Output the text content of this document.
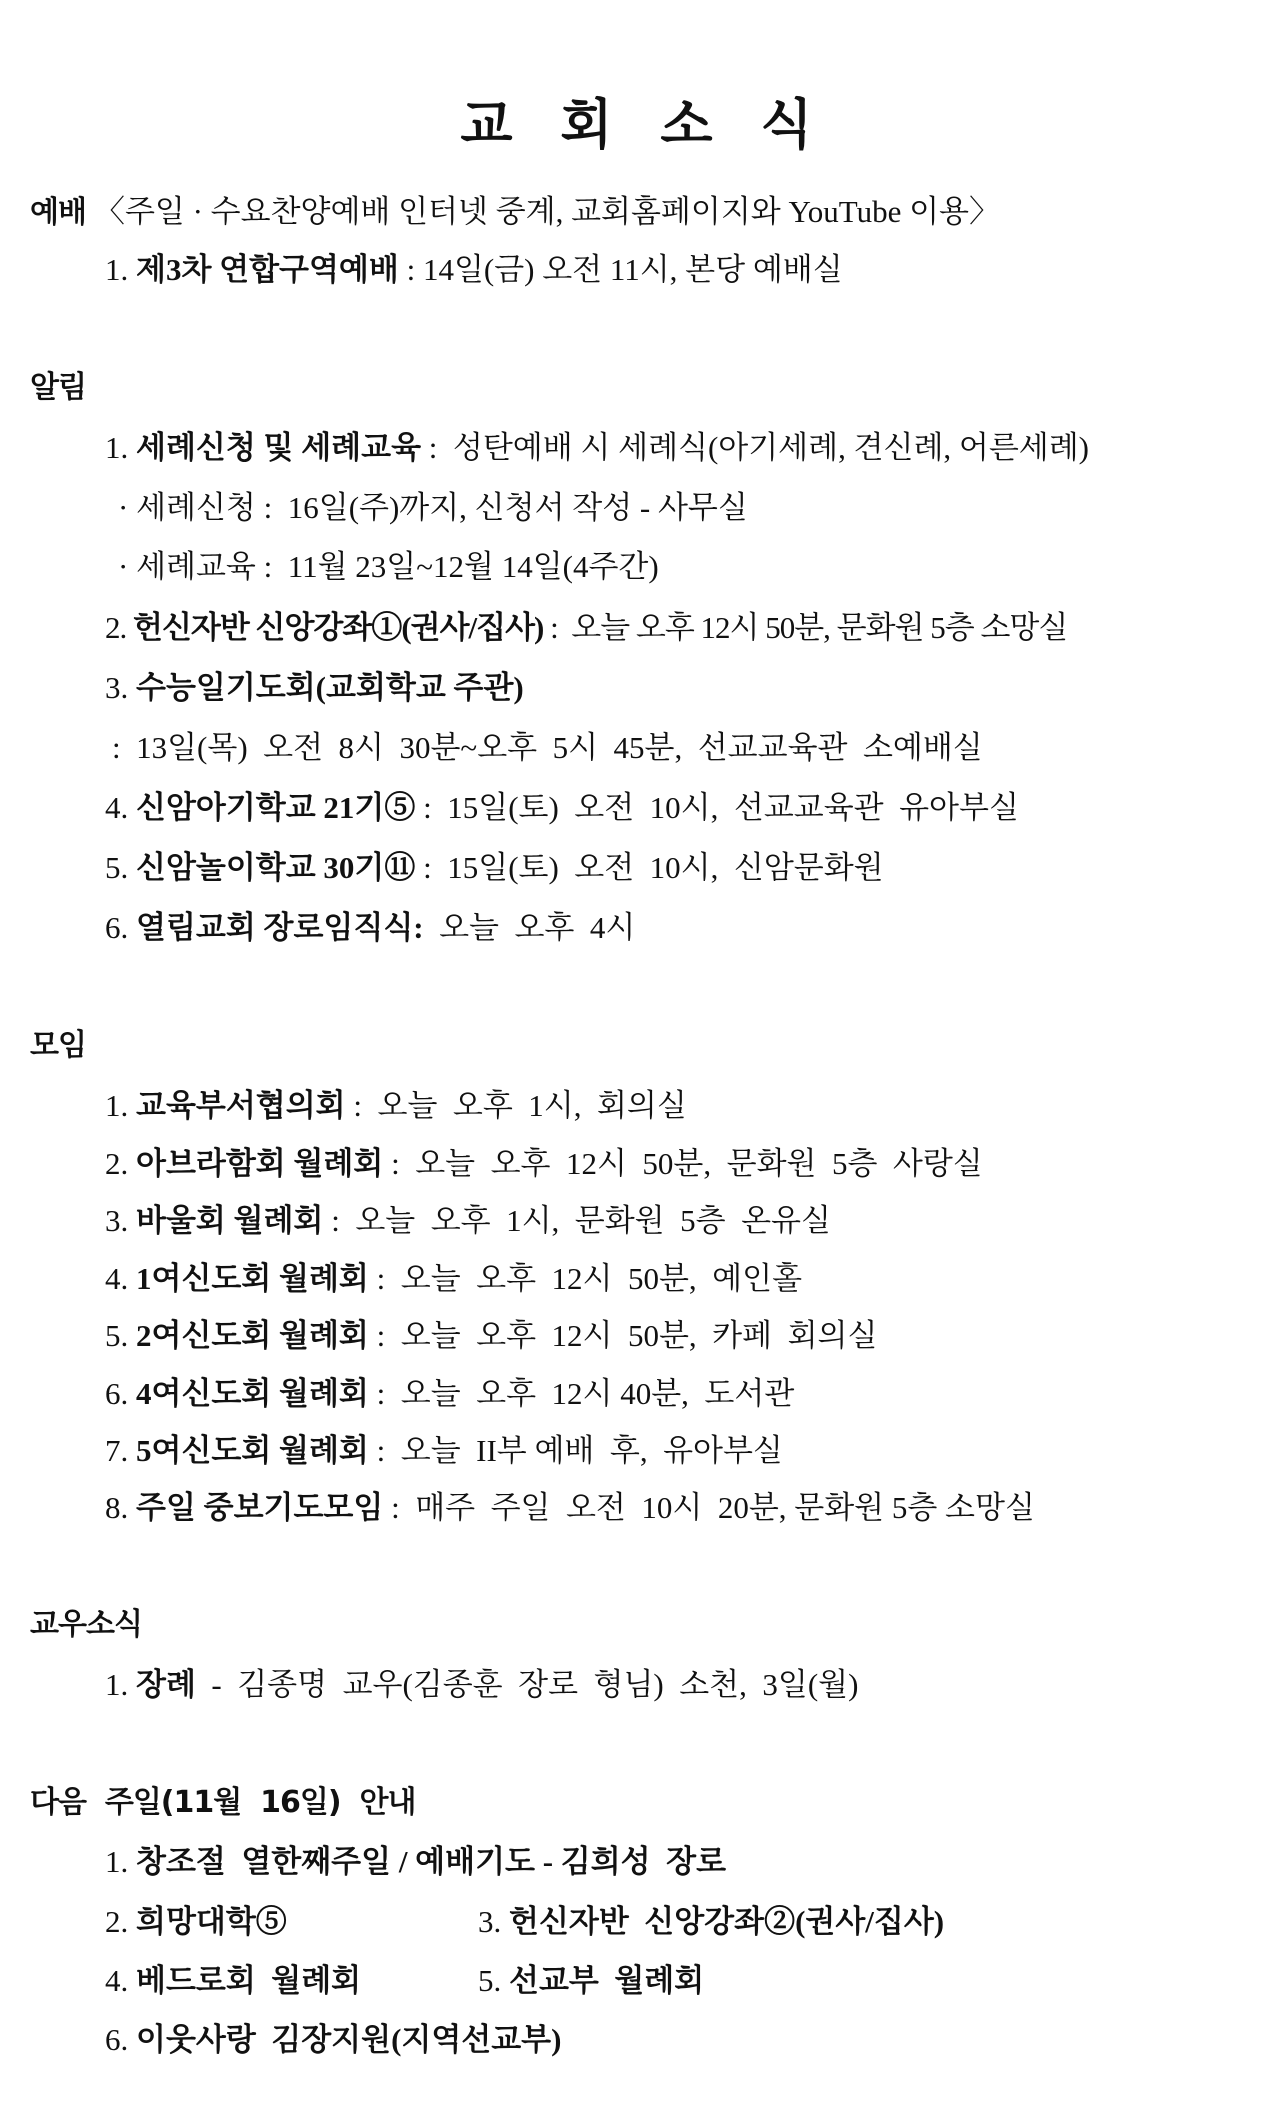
교 회 소 식
예배 〈주일 · 수요찬양예배 인터넷 중계, 교회홈페이지와 YouTube 이용〉
1. 제3차 연합구역예배 : 14일(금) 오전 11시, 본당 예배실
알림
1. 세례신청 및 세례교육 :  성탄예배 시 세례식(아기세례, 견신례, 어른세례)
· 세례신청 :  16일(주)까지, 신청서 작성 - 사무실
· 세례교육 :  11월 23일~12월 14일(4주간)
2. 헌신자반 신앙강좌①(권사/집사) :  오늘 오후 12시 50분, 문화원 5층 소망실
3. 수능일기도회(교회학교 주관)
:  13일(목)  오전  8시  30분~오후  5시  45분,  선교교육관  소예배실
4. 신암아기학교 21기⑤ :  15일(토)  오전  10시,  선교교육관  유아부실
5. 신암놀이학교 30기⑪ :  15일(토)  오전  10시,  신암문화원
6. 열림교회 장로임직식: 오늘  오후  4시
모임
1. 교육부서협의회 :  오늘  오후  1시,  회의실
2. 아브라함회 월례회 :  오늘  오후  12시  50분,  문화원  5층  사랑실
3. 바울회 월례회 :  오늘  오후  1시,  문화원  5층  온유실
4. 1여신도회 월례회 :  오늘  오후  12시  50분,  예인홀
5. 2여신도회 월례회 :  오늘  오후  12시  50분,  카페  회의실
6. 4여신도회 월례회 :  오늘  오후  12시 40분,  도서관
7. 5여신도회 월례회 :  오늘  II부 예배  후,  유아부실
8. 주일 중보기도모임 :  매주  주일  오전  10시  20분, 문화원 5층 소망실
교우소식
1. 장례  -  김종명  교우(김종훈  장로  형님)  소천,  3일(월)
다음  주일(11월  16일)  안내
1. 창조절  열한째주일 / 예배기도 - 김희성  장로
2. 희망대학⑤	3. 헌신자반  신앙강좌②(권사/집사)
4. 베드로회  월례회	5. 선교부  월례회
6. 이웃사랑  김장지원(지역선교부)
